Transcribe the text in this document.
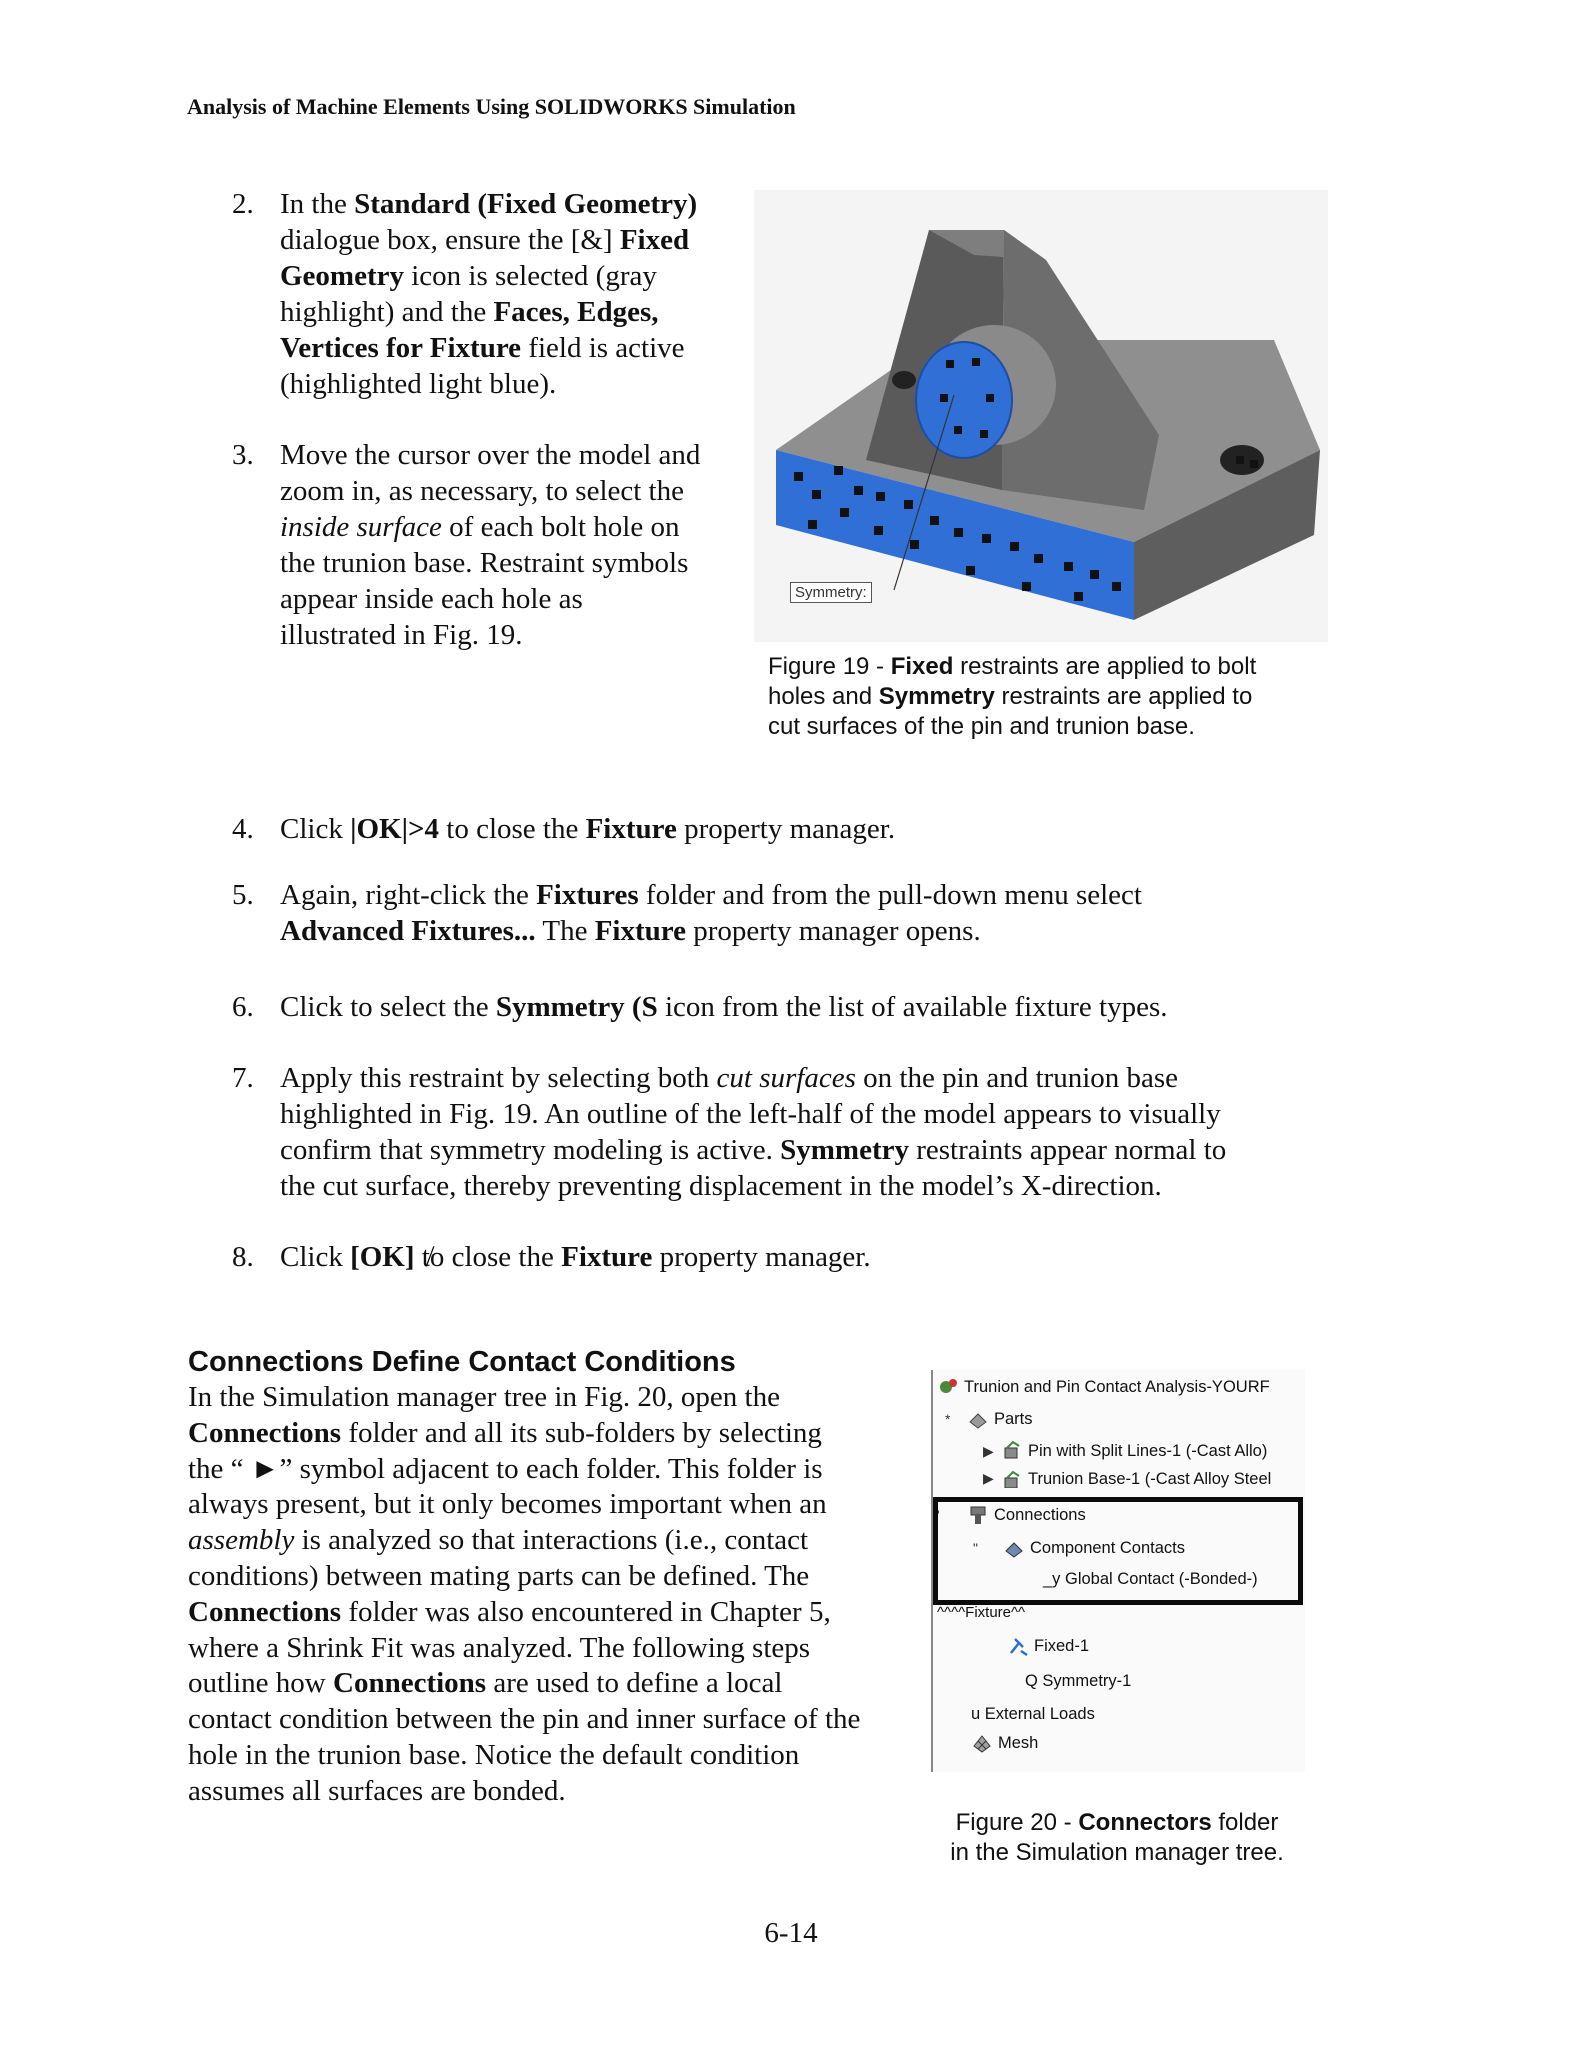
Analysis of Machine Elements Using SOLIDWORKS Simulation
2. In the Standard (Fixed Geometry)
dialogue box, ensure the [&] Fixed
Geometry icon is selected (gray
highlight) and the Faces, Edges,
Vertices for Fixture field is active
(highlighted light blue).
3. Move the cursor over the model and
zoom in, as necessary, to select the
inside surface of each bolt hole on
the trunion base. Restraint symbols
appear inside each hole as
illustrated in Fig. 19.
Symmetry:
Figure 19 - Fixed restraints are applied to bolt
holes and Symmetry restraints are applied to
cut surfaces of the pin and trunion base.
4. Click |OK|>4 to close the Fixture property manager.
5. Again, right-click the Fixtures folder and from the pull-down menu select
Advanced Fixtures... The Fixture property manager opens.
6. Click to select the Symmetry (S icon from the list of available fixture types.
7. Apply this restraint by selecting both cut surfaces on the pin and trunion base
highlighted in Fig. 19. An outline of the left-half of the model appears to visually
confirm that symmetry modeling is active. Symmetry restraints appear normal to
the cut surface, thereby preventing displacement in the model’s X-direction.
8. Click [OK] t̸o close the Fixture property manager.
Connections Define Contact Conditions
In the Simulation manager tree in Fig. 20, open the
Connections folder and all its sub-folders by selecting
the “ ►” symbol adjacent to each folder. This folder is
always present, but it only becomes important when an
assembly is analyzed so that interactions (i.e., contact
conditions) between mating parts can be defined. The
Connections folder was also encountered in Chapter 5,
where a Shrink Fit was analyzed. The following steps
outline how Connections are used to define a local
contact condition between the pin and inner surface of the
hole in the trunion base. Notice the default condition
assumes all surfaces are bonded.
Trunion and Pin Contact Analysis-YOURF
*	Parts
▶	Pin with Split Lines-1 (-Cast Allo)
▶	Trunion Base-1 (-Cast Alloy Steel
'	Connections
"	Component Contacts
_y Global Contact (-Bonded-)
^^^^Fixture^^
Fixed-1
Q Symmetry-1
u External Loads
Mesh
Figure 20 - Connectors folder
in the Simulation manager tree.
6-14
